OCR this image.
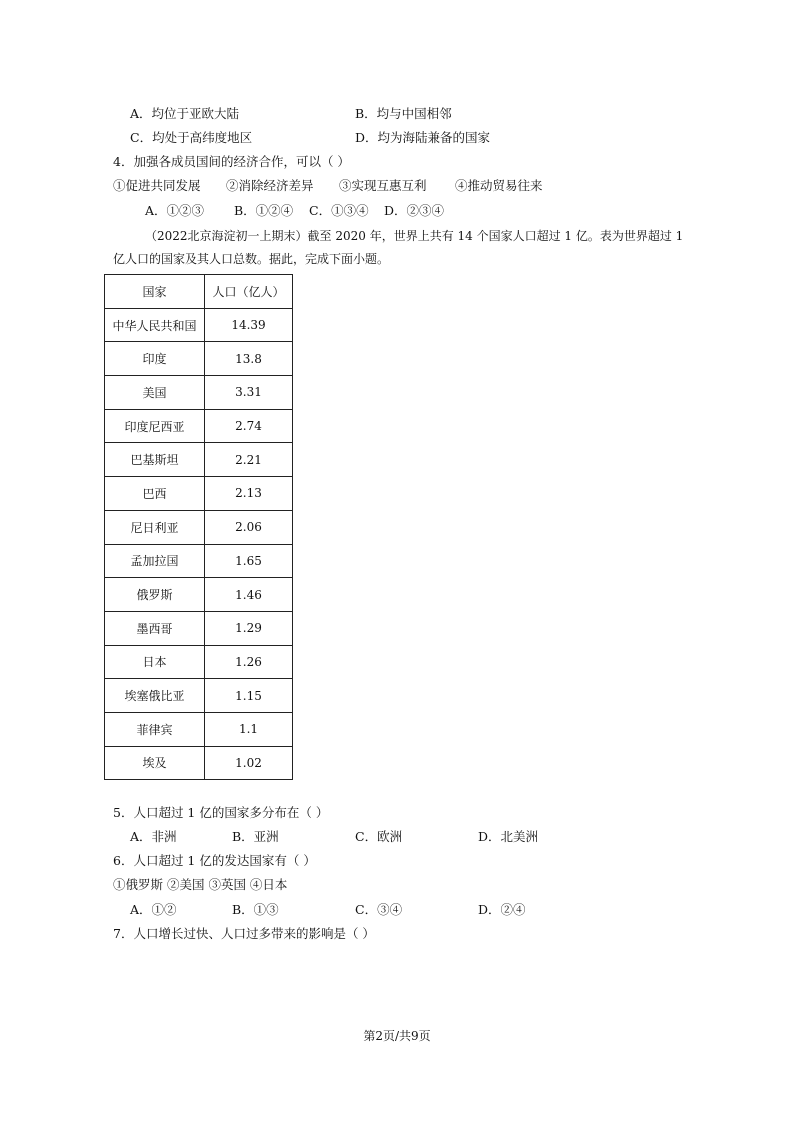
A．均位于亚欧大陆	B．均与中国相邻
C．均处于高纬度地区	D．均为海陆兼备的国家
4．加强各成员国间的经济合作，可以（ ）
①促进共同发展 ②消除经济差异 ③实现互惠互利 ④推动贸易往来
A．①②③ B．①②④ C．①③④ D．②③④
（2022北京海淀初一上期末）截至 2020 年，世界上共有 14 个国家人口超过 1 亿。表为世界超过 1
亿人口的国家及其人口总数。据此，完成下面小题。
国家	人口（亿人）
中华人民共和国	14.39
印度	13.8
美国	3.31
印度尼西亚	2.74
巴基斯坦	2.21
巴西	2.13
尼日利亚	2.06
孟加拉国	1.65
俄罗斯	1.46
墨西哥	1.29
日本	1.26
埃塞俄比亚	1.15
菲律宾	1.1
埃及	1.02
5．人口超过 1 亿的国家多分布在（ ）
A．非洲	B．亚洲	C．欧洲	D．北美洲
6．人口超过 1 亿的发达国家有（ ）
①俄罗斯 ②美国 ③英国 ④日本
A．①②	B．①③	C．③④	D．②④
7．人口增长过快、人口过多带来的影响是（ ）
第2页/共9页
